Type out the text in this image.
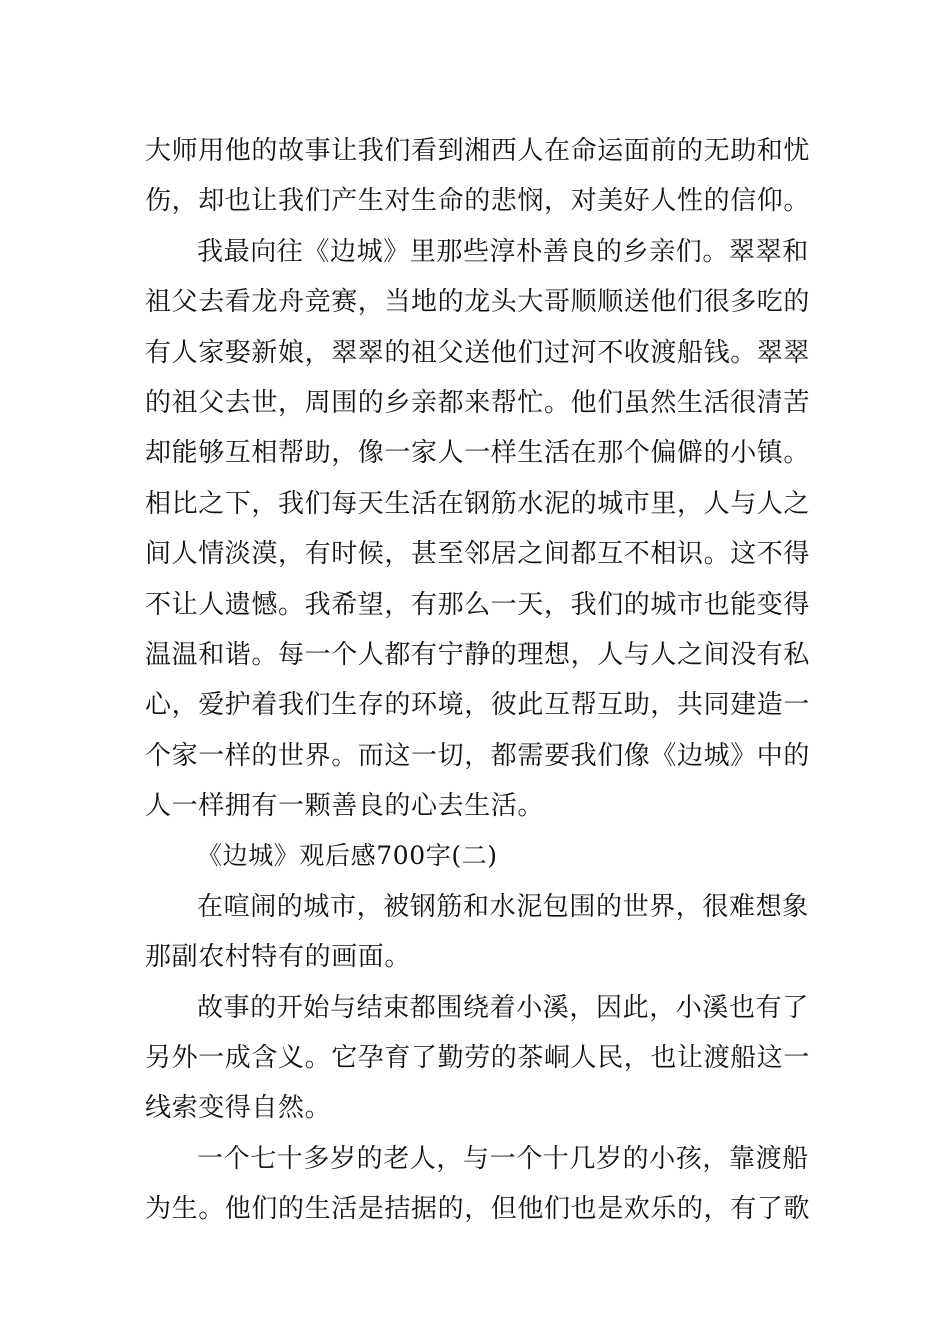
大师用他的故事让我们看到湘西人在命运面前的无助和忧
伤，却也让我们产生对生命的悲悯，对美好人性的信仰。
我最向往《边城》里那些淳朴善良的乡亲们。翠翠和
祖父去看龙舟竞赛，当地的龙头大哥顺顺送他们很多吃的
有人家娶新娘，翠翠的祖父送他们过河不收渡船钱。翠翠
的祖父去世，周围的乡亲都来帮忙。他们虽然生活很清苦
却能够互相帮助，像一家人一样生活在那个偏僻的小镇。
相比之下，我们每天生活在钢筋水泥的城市里，人与人之
间人情淡漠，有时候，甚至邻居之间都互不相识。这不得
不让人遗憾。我希望，有那么一天，我们的城市也能变得
温温和谐。每一个人都有宁静的理想，人与人之间没有私
心，爱护着我们生存的环境，彼此互帮互助，共同建造一
个家一样的世界。而这一切，都需要我们像《边城》中的
人一样拥有一颗善良的心去生活。
《边城》观后感700字(二)
在喧闹的城市，被钢筋和水泥包围的世界，很难想象
那副农村特有的画面。
故事的开始与结束都围绕着小溪，因此，小溪也有了
另外一成含义。它孕育了勤劳的茶峒人民，也让渡船这一
线索变得自然。
一个七十多岁的老人，与一个十几岁的小孩，靠渡船
为生。他们的生活是拮据的，但他们也是欢乐的，有了歌
